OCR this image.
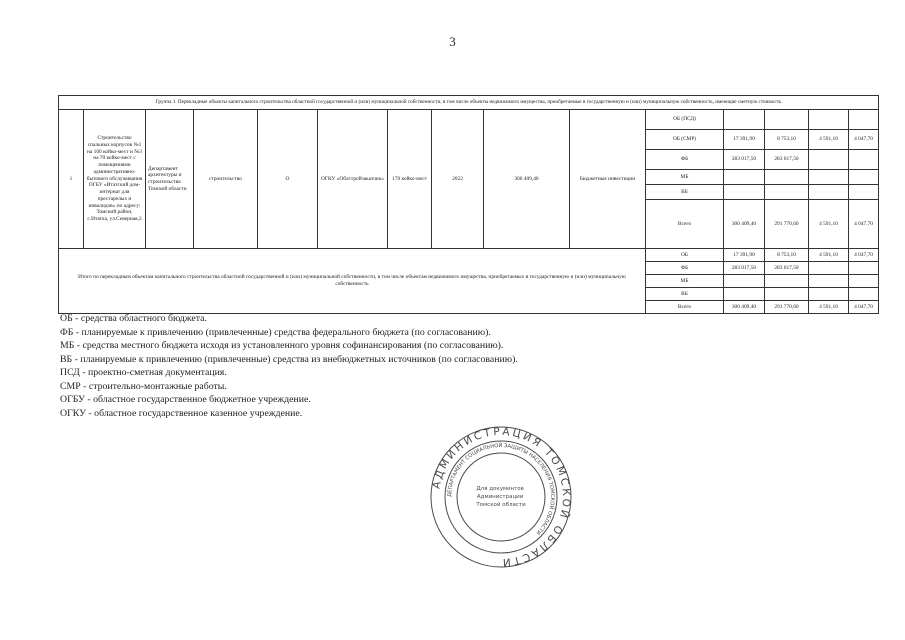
3
Группа 1. Перекладные объекты капитального строительства областной государственной и (или) муниципальной собственности, в том числе объекты недвижимого имущества, приобретаемые в государственную и (или) муниципальную собственность, имеющие сметную стоимость														
1	Строительство спальных корпусов №1 на 100 койко-мест и №3 на 70 койко-мест с помещениями административно-бытового обслуживания ОГБУ «Итатский дом-интернат для престарелых и инвалидов» по адресу: Томский район, с.Итатка, ул.Северная,3	Департамент архитектуры и строительства Томской области	строительство	О	ОГКУ «Облстройзаказчик»	170 койко-мест	2022	300 409,40	Бюджетные инвестиции	ОБ (ПСД)				
										ОБ (СМР)	17 391,90	8 753,10	4 591,10	4 047,70
										ФБ	283 017,50	283 017,50		
										МБ				
										ВБ				
										Всего	300 409,40	291 770,60	4 591,10	4 047,70
Итого по перекладным объектам капитального строительства областной государственной и (или) муниципальной собственности, в том числе объектам недвижимого имущества, приобретаемых в государственную и (или) муниципальную собственность										ОБ	17 391,90	8 753,10	4 591,10	4 047,70
										ФБ	283 017,50	283 017,50		
										МБ				
										ВБ				
										Всего	300 409,40	291 770,60	4 591,10	4 047,70
ОБ - средства областного бюджета.
ФБ - планируемые к привлечению (привлеченные) средства федерального бюджета (по согласованию).
МБ - средства местного бюджета исходя из установленного уровня софинансирования (по согласованию).
ВБ - планируемые к привлечению (привлеченные) средства из внебюджетных источников (по согласованию).
ПСД - проектно-сметная документация.
СМР - строительно-монтажные работы.
ОГБУ - областное государственное бюджетное учреждение.
ОГКУ - областное государственное казенное учреждение.
АДМИНИСТРАЦИЯ ТОМСКОЙ ОБЛАСТИ
ДЕПАРТАМЕНТ СОЦИАЛЬНОЙ ЗАЩИТЫ НАСЕЛЕНИЯ ТОМСКОЙ ОБЛАСТИ
Для документов Администрации Томской области
